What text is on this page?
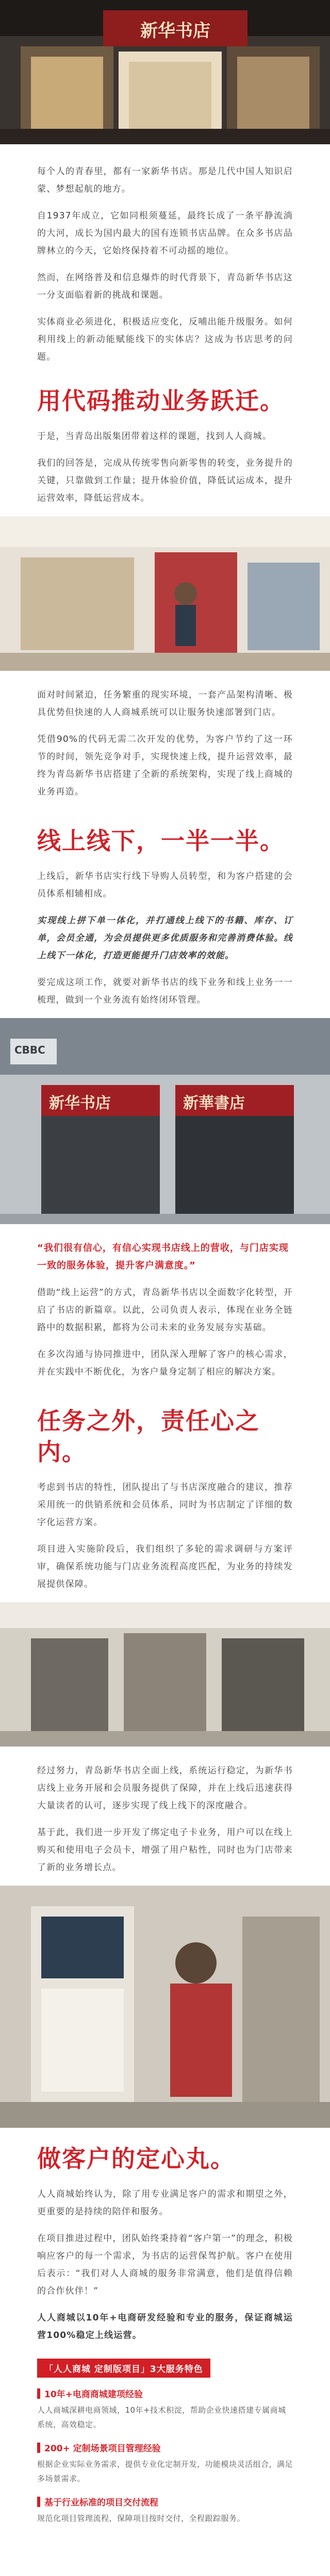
新华书店

每个人的青春里，都有一家新华书店。那是几代中国人知识启蒙、梦想起航的地方。

自1937年成立，它如同根须蔓延，最终长成了一条平静流淌的大河，成长为国内最大的国有连锁书店品牌。在众多书店品牌林立的今天，它始终保持着不可动摇的地位。

然而，在网络普及和信息爆炸的时代背景下，青岛新华书店这一分支面临着新的挑战和课题。

实体商业必须进化，积极适应变化，反哺出能升级服务。如何利用线上的新动能赋能线下的实体店？这成为书店思考的问题。

用代码推动业务跃迁。

于是，当青岛出版集团带着这样的课题，找到人人商城。

我们的回答是，完成从传统零售向新零售的转变，业务提升的关键，只靠做到工作量；提升体验价值，降低试运成本，提升运营效率，降低运营成本。

面对时间紧迫，任务繁重的现实环境，一套产品架构清晰、极具优势但快速的人人商城系统可以让服务快速部署到门店。

凭借90%的代码无需二次开发的优势，为客户节约了这一环节的时间，领先竞争对手，实现快速上线，提升运营效率，最终为青岛新华书店搭建了全新的系统架构，实现了线上商城的业务再造。

线上线下，一半一半。

上线后，新华书店实行线下导购人员转型，和为客户搭建的会员体系相辅相成。

实现线上拼下单一体化，并打通线上线下的书籍、库存、订单，会员全通，为会员提供更多优质服务和完善消费体验。线上线下一体化，打造更能提升门店效率的效能。

要完成这项工作，就要对新华书店的线下业务和线上业务一一梳理，做到一个业务流有始终闭环管理。

CBBC
新华书店	新華書店

“我们很有信心，有信心实现书店线上的营收，与门店实现一致的服务体验，提升客户满意度。”

借助“线上运营”的方式，青岛新华书店以全面数字化转型，开启了书店的新篇章。以此，公司负责人表示，体现在业务全链路中的数据积累，都将为公司未来的业务发展夯实基础。

在多次沟通与协同推进中，团队深入理解了客户的核心需求，并在实践中不断优化，为客户量身定制了相应的解决方案。

任务之外，责任心之内。

考虑到书店的特性，团队提出了与书店深度融合的建议，推荐采用统一的供销系统和会员体系，同时为书店制定了详细的数字化运营方案。

项目进入实施阶段后，我们组织了多轮的需求调研与方案评审，确保系统功能与门店业务流程高度匹配，为业务的持续发展提供保障。

经过努力，青岛新华书店全面上线，系统运行稳定，为新华书店线上业务开展和会员服务提供了保障，并在上线后迅速获得大量读者的认可，逐步实现了线上线下的深度融合。

基于此，我们进一步开发了绑定电子卡业务，用户可以在线上购买和使用电子会员卡，增强了用户粘性，同时也为门店带来了新的业务增长点。

做客户的定心丸。

人人商城始终认为，除了用专业满足客户的需求和期望之外，更重要的是持续的陪伴和服务。

在项目推进过程中，团队始终秉持着“客户第一”的理念，积极响应客户的每一个需求，为书店的运营保驾护航。客户在使用后表示：“我们对人人商城的服务非常满意，他们是值得信赖的合作伙伴！”

人人商城以10年+电商研发经验和专业的服务，保证商城运营100%稳定上线运营。

「人人商城 定制版项目」3大服务特色
10年+电商商城建项经验
人人商城深耕电商领域，10年+技术积淀，帮助企业快速搭建专属商城系统，高效稳定。
200+ 定制场景项目管理经验
根据企业实际业务需求，提供专业化定制开发，功能模块灵活组合，满足多场景需求。
基于行业标准的项目交付流程
规范化项目管理流程，保障项目按时交付，全程跟踪服务。
